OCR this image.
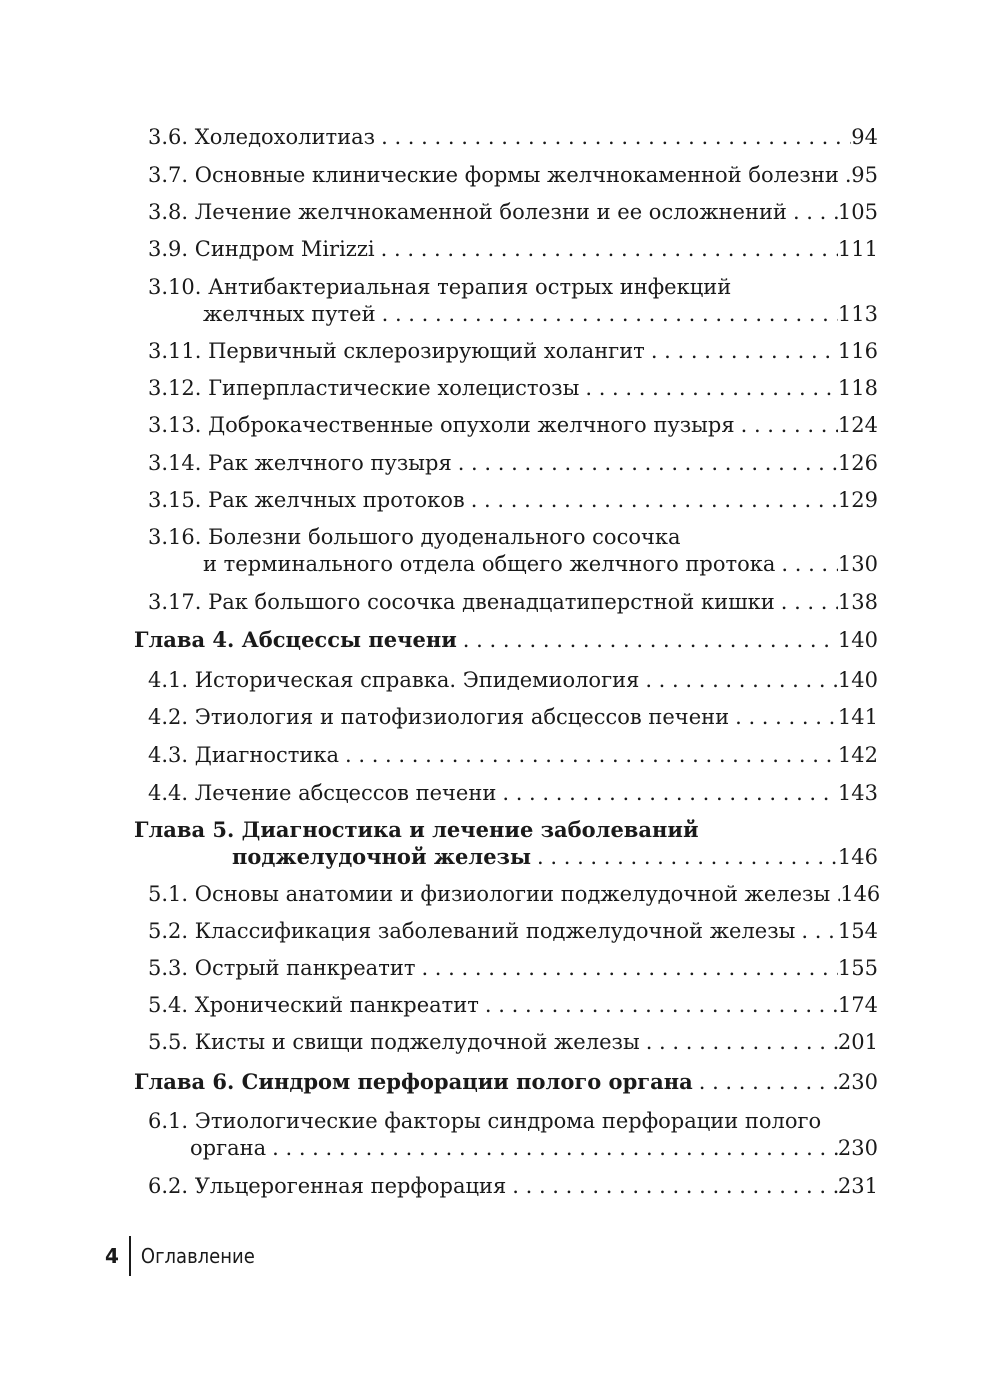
3.6. Холедохолитиаз . . .	94
3.7. Основные клинические формы желчнокаменной болезни . . . 95
3.8. Лечение желчнокаменной болезни и ее осложнений . . . 105
3.9. Синдром Mirizzi . . .	111
3.10. Антибактериальная терапия острых инфекций
желчных путей . . .	113
3.11. Первичный склерозирующий холангит . . .	116
3.12. Гиперпластические холецистозы . . .	118
3.13. Доброкачественные опухоли желчного пузыря . . .	124
3.14. Рак желчного пузыря . . .	126
3.15. Рак желчных протоков . . .	129
3.16. Болезни большого дуоденального сосочка
и терминального отдела общего желчного протока . . .	130
3.17. Рак большого сосочка двенадцатиперстной кишки . . .	138
Глава 4. Абсцессы печени . . .	140
4.1. Историческая справка. Эпидемиология . . .	140
4.2. Этиология и патофизиология абсцессов печени . . .	141
4.3. Диагностика . . .	142
4.4. Лечение абсцессов печени . . .	143
Глава 5. Диагностика и лечение заболеваний
поджелудочной железы . . .	146
5.1. Основы анатомии и физиологии поджелудочной железы . . . 146
5.2. Классификация заболеваний поджелудочной железы . . . 154
5.3. Острый панкреатит . . .	155
5.4. Хронический панкреатит . . .	174
5.5. Кисты и свищи поджелудочной железы . . .	201
Глава 6. Синдром перфорации полого органа . . .	230
6.1. Этиологические факторы синдрома перфорации полого
органа . . .	230
6.2. Ульцерогенная перфорация . . .	231
4	Оглавление
